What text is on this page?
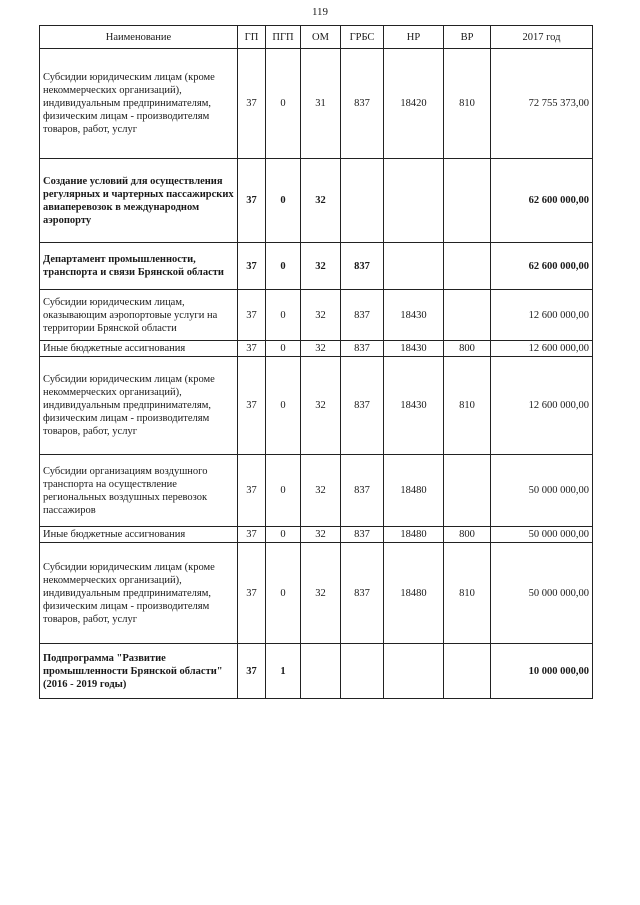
119
Наименование	ГП	ПГП	ОМ	ГРБС	НР	ВР	2017 год
Субсидии юридическим лицам (кроме некоммерческих организаций), индивидуальным предпринимателям, физическим лицам - производителям товаров, работ, услуг	37	0	31	837	18420	810	72 755 373,00
Создание условий для осуществления регулярных и чартерных пассажирских авиаперевозок в международном аэропорту	37	0	32				62 600 000,00
Департамент промышленности, транспорта и связи Брянской области	37	0	32	837			62 600 000,00
Субсидии юридическим лицам, оказывающим аэропортовые услуги на территории Брянской области	37	0	32	837	18430		12 600 000,00
Иные бюджетные ассигнования	37	0	32	837	18430	800	12 600 000,00
Субсидии юридическим лицам (кроме некоммерческих организаций), индивидуальным предпринимателям, физическим лицам - производителям товаров, работ, услуг	37	0	32	837	18430	810	12 600 000,00
Субсидии организациям воздушного транспорта на осуществление региональных воздушных перевозок пассажиров	37	0	32	837	18480		50 000 000,00
Иные бюджетные ассигнования	37	0	32	837	18480	800	50 000 000,00
Субсидии юридическим лицам (кроме некоммерческих организаций), индивидуальным предпринимателям, физическим лицам - производителям товаров, работ, услуг	37	0	32	837	18480	810	50 000 000,00
Подпрограмма "Развитие промышленности Брянской области" (2016 - 2019 годы)	37	1					10 000 000,00
